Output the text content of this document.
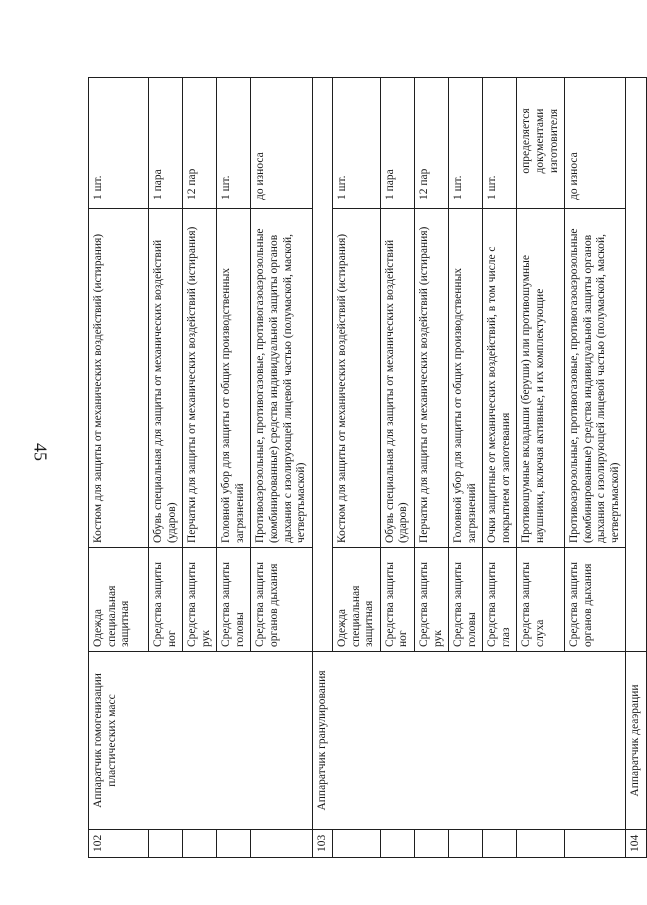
45
102	Аппаратчик гомогенизации пластических масс	Одежда специальная защитная	Костюм для защиты от механических воздействий (истирания)	1 шт.
		Средства защиты ног	Обувь специальная для защиты от механических воздействий (ударов)	1 пара
		Средства защиты рук	Перчатки для защиты от механических воздействий (истирания)	12 пар
		Средства защиты головы	Головной убор для защиты от общих производственных загрязнений	1 шт.
		Средства защиты органов дыхания	Противоаэрозольные, противогазовые, противогазоаэрозольные (комбинированные) средства индивидуальной защиты органов дыхания с изолирующей лицевой частью (полумаской, маской, четвертьмаской)	до износа
103	Аппаратчик гранулирования			
		Одежда специальная защитная	Костюм для защиты от механических воздействий (истирания)	1 шт.
		Средства защиты ног	Обувь специальная для защиты от механических воздействий (ударов)	1 пара
		Средства защиты рук	Перчатки для защиты от механических воздействий (истирания)	12 пар
		Средства защиты головы	Головной убор для защиты от общих производственных загрязнений	1 шт.
		Средства защиты глаз	Очки защитные от механических воздействий, в том числе с покрытием от запотевания	1 шт.
		Средства защиты слуха	Противошумные вкладыши (беруши) или противошумные наушники, включая активные, и их комплектующие	определяется документами изготовителя
		Средства защиты органов дыхания	Противоаэрозольные, противогазовые, противогазоаэрозольные (комбинированные) средства индивидуальной защиты органов дыхания с изолирующей лицевой частью (полумаской, маской, четвертьмаской)	до износа
104	Аппаратчик деаэрации			
